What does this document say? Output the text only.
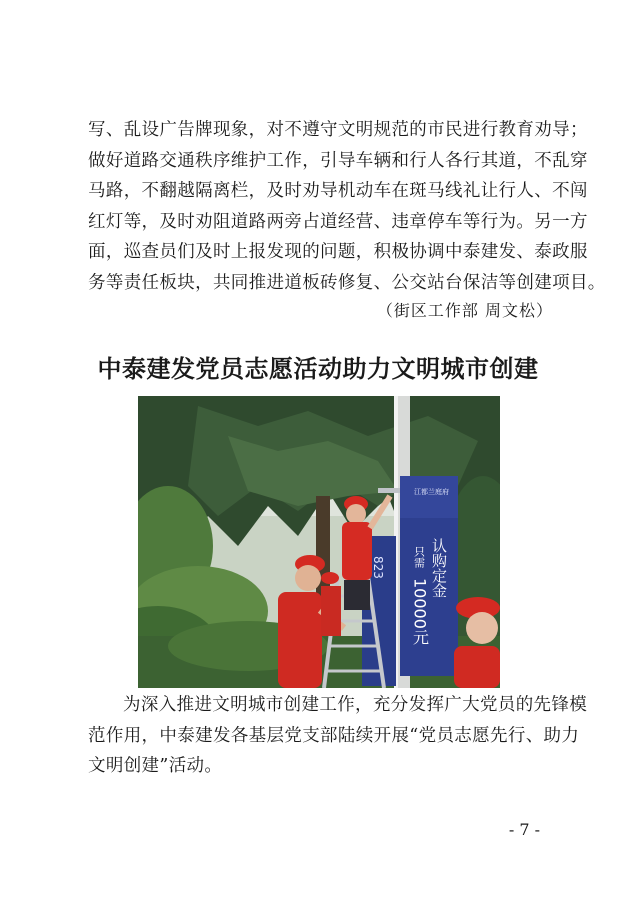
写、乱设广告牌现象，对不遵守文明规范的市民进行教育劝导；
做好道路交通秩序维护工作，引导车辆和行人各行其道，不乱穿
马路，不翻越隔离栏，及时劝导机动车在斑马线礼让行人、不闯
红灯等，及时劝阻道路两旁占道经营、违章停车等行为。另一方
面，巡查员们及时上报发现的问题，积极协调中泰建发、泰政服
务等责任板块，共同推进道板砖修复、公交站台保洁等创建项目。
（街区工作部 周文松）
中泰建发党员志愿活动助力文明城市创建
江都兰庭府
认购定金
只需
10000元
823
为深入推进文明城市创建工作，充分发挥广大党员的先锋模
范作用，中泰建发各基层党支部陆续开展“党员志愿先行、助力
文明创建”活动。
- 7 -
